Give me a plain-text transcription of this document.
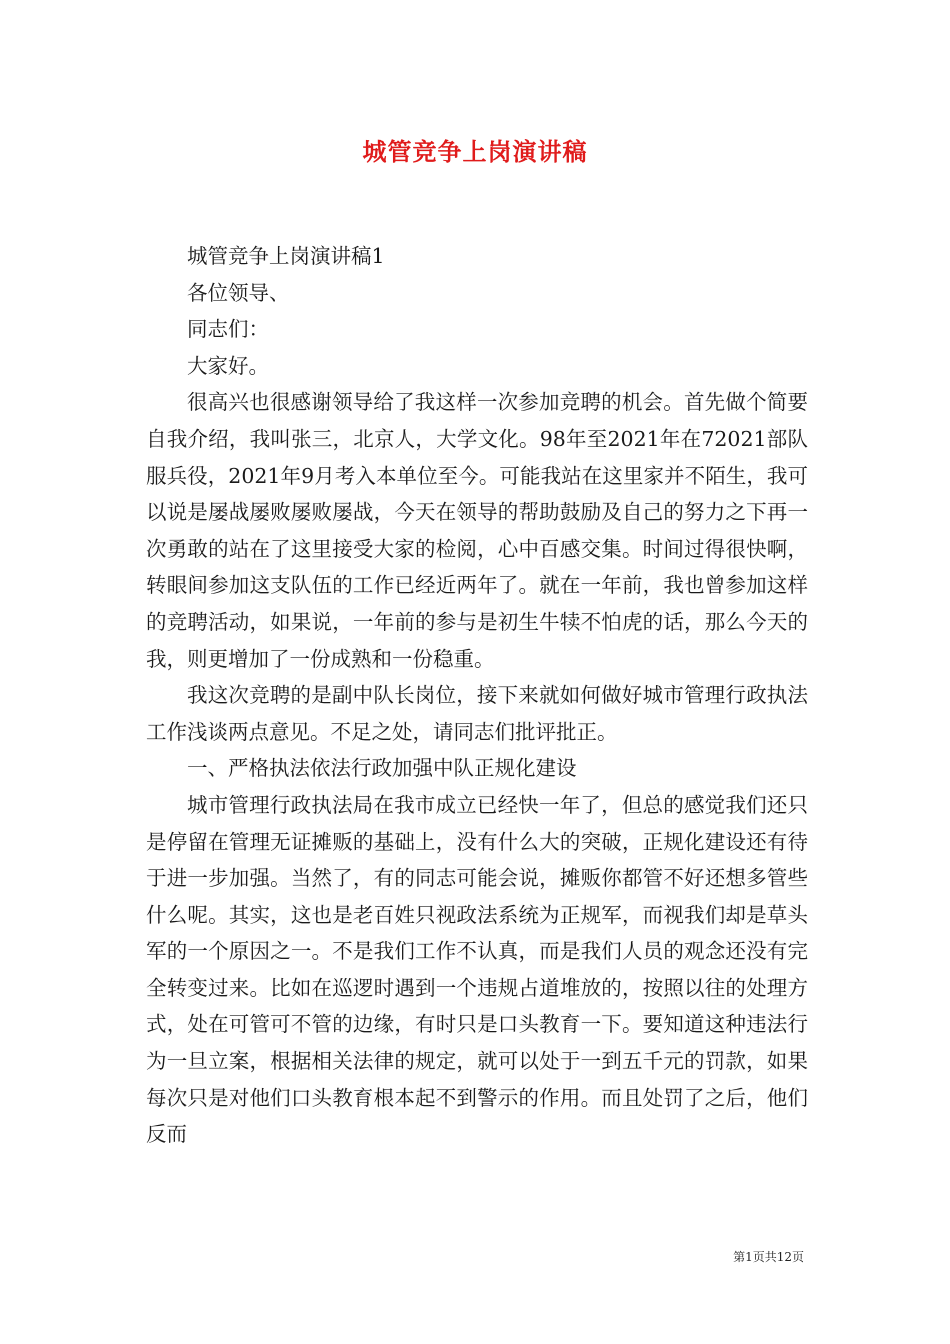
城管竞争上岗演讲稿

城管竞争上岗演讲稿1

各位领导、

同志们：

大家好。

很高兴也很感谢领导给了我这样一次参加竞聘的机会。首先做个简要自我介绍，我叫张三，北京人，大学文化。98年至2021年在72021部队服兵役，2021年9月考入本单位至今。可能我站在这里家并不陌生，我可以说是屡战屡败屡败屡战，今天在领导的帮助鼓励及自己的努力之下再一次勇敢的站在了这里接受大家的检阅，心中百感交集。时间过得很快啊，转眼间参加这支队伍的工作已经近两年了。就在一年前，我也曾参加这样的竞聘活动，如果说，一年前的参与是初生牛犊不怕虎的话，那么今天的我，则更增加了一份成熟和一份稳重。

我这次竞聘的是副中队长岗位，接下来就如何做好城市管理行政执法工作浅谈两点意见。不足之处，请同志们批评批正。

一、严格执法依法行政加强中队正规化建设

城市管理行政执法局在我市成立已经快一年了，但总的感觉我们还只是停留在管理无证摊贩的基础上，没有什么大的突破，正规化建设还有待于进一步加强。当然了，有的同志可能会说，摊贩你都管不好还想多管些什么呢。其实，这也是老百姓只视政法系统为正规军，而视我们却是草头军的一个原因之一。不是我们工作不认真，而是我们人员的观念还没有完全转变过来。比如在巡逻时遇到一个违规占道堆放的，按照以往的处理方式，处在可管可不管的边缘，有时只是口头教育一下。要知道这种违法行为一旦立案，根据相关法律的规定，就可以处于一到五千元的罚款，如果每次只是对他们口头教育根本起不到警示的作用。而且处罚了之后，他们反而

第1页共12页
